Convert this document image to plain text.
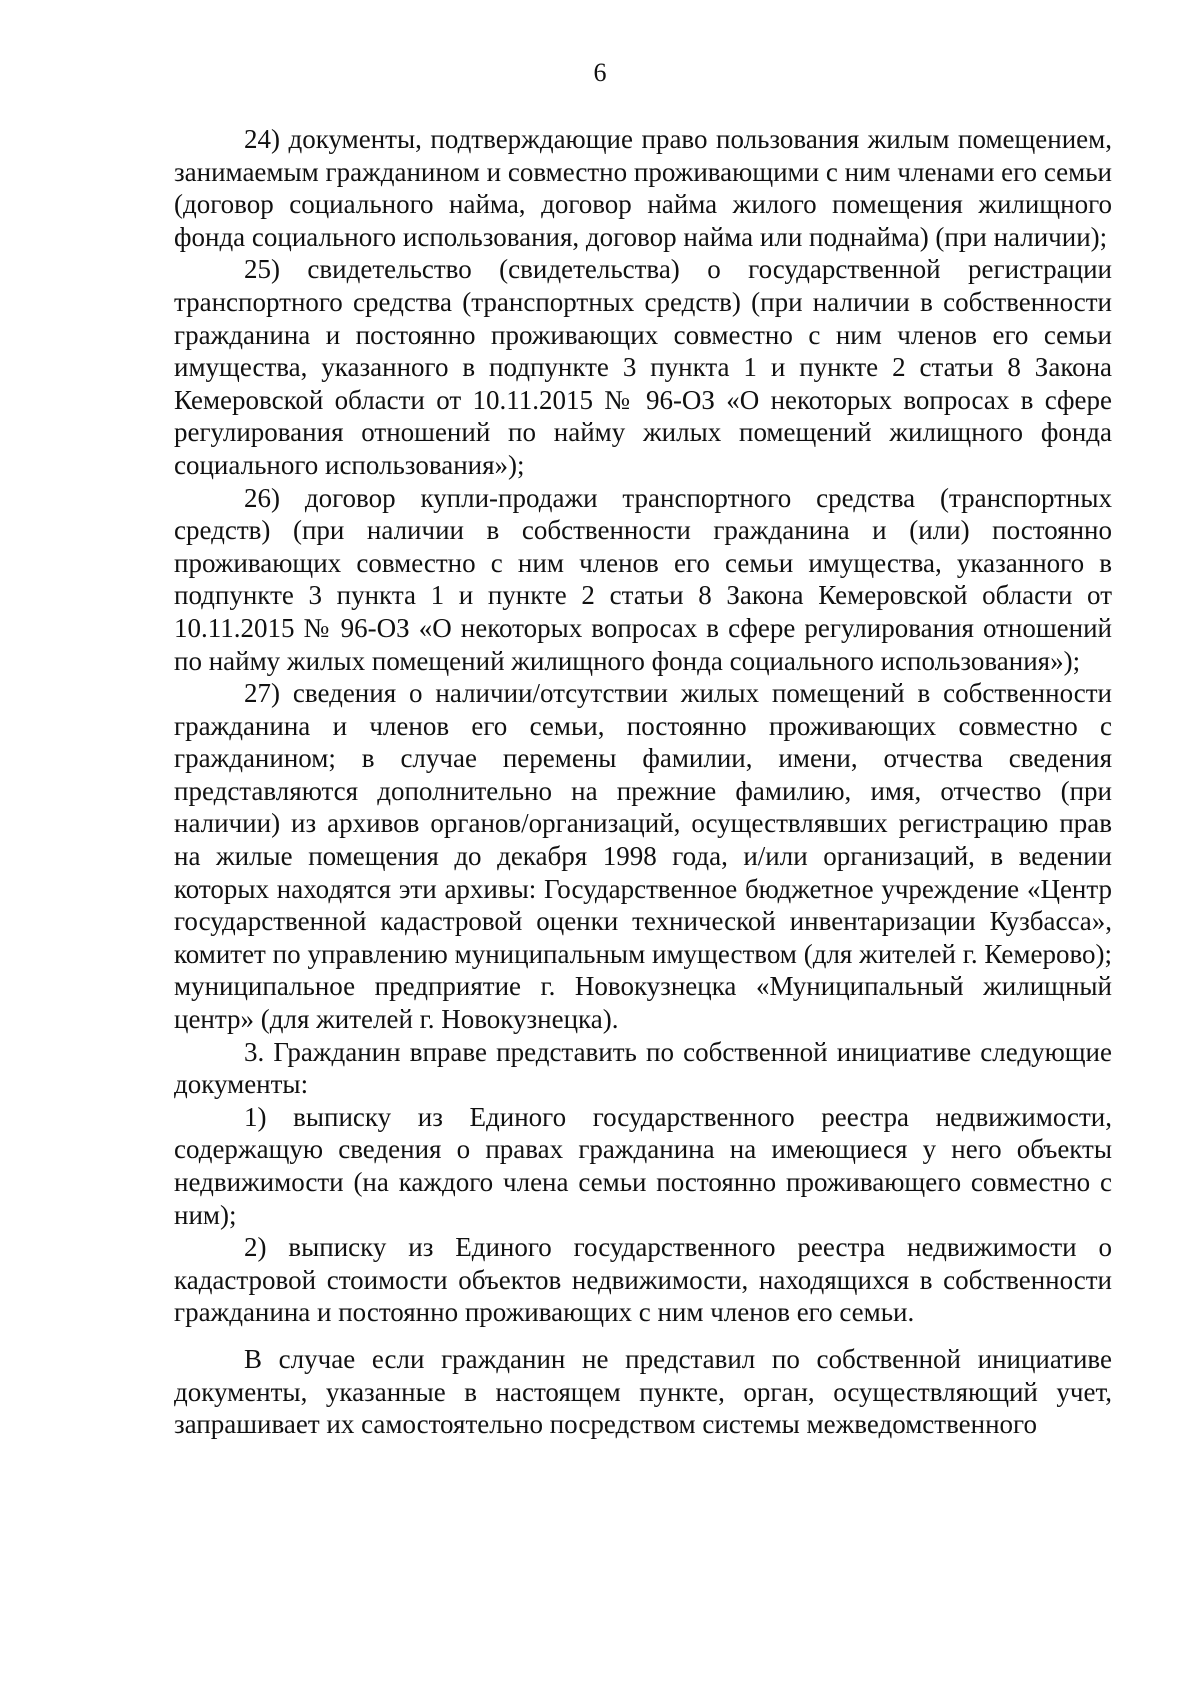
6

24) документы, подтверждающие право пользования жилым помещением, занимаемым гражданином и совместно проживающими с ним членами его семьи (договор социального найма, договор найма жилого помещения жилищного фонда социального использования, договор найма или поднайма) (при наличии);

25) свидетельство (свидетельства) о государственной регистрации транспортного средства (транспортных средств) (при наличии в собственности гражданина и постоянно проживающих совместно с ним членов его семьи имущества, указанного в подпункте 3 пункта 1 и пункте 2 статьи 8 Закона Кемеровской области от 10.11.2015 № 96-ОЗ «О некоторых вопросах в сфере регулирования отношений по найму жилых помещений жилищного фонда социального использования»);

26) договор купли-продажи транспортного средства (транспортных средств) (при наличии в собственности гражданина и (или) постоянно проживающих совместно с ним членов его семьи имущества, указанного в подпункте 3 пункта 1 и пункте 2 статьи 8 Закона Кемеровской области от 10.11.2015 № 96-ОЗ «О некоторых вопросах в сфере регулирования отношений по найму жилых помещений жилищного фонда социального использования»);

27) сведения о наличии/отсутствии жилых помещений в собственности гражданина и членов его семьи, постоянно проживающих совместно с гражданином; в случае перемены фамилии, имени, отчества сведения представляются дополнительно на прежние фамилию, имя, отчество (при наличии) из архивов органов/организаций, осуществлявших регистрацию прав на жилые помещения до декабря 1998 года, и/или организаций, в ведении которых находятся эти архивы: Государственное бюджетное учреждение «Центр государственной кадастровой оценки технической инвентаризации Кузбасса», комитет по управлению муниципальным имуществом (для жителей г. Кемерово); муниципальное предприятие г. Новокузнецка «Муниципальный жилищный центр» (для жителей г. Новокузнецка).

3. Гражданин вправе представить по собственной инициативе следующие документы:

1) выписку из Единого государственного реестра недвижимости, содержащую сведения о правах гражданина на имеющиеся у него объекты недвижимости (на каждого члена семьи постоянно проживающего совместно с ним);

2) выписку из Единого государственного реестра недвижимости о кадастровой стоимости объектов недвижимости, находящихся в собственности гражданина и постоянно проживающих с ним членов его семьи.

В случае если гражданин не представил по собственной инициативе документы, указанные в настоящем пункте, орган, осуществляющий учет, запрашивает их самостоятельно посредством системы межведомственного
